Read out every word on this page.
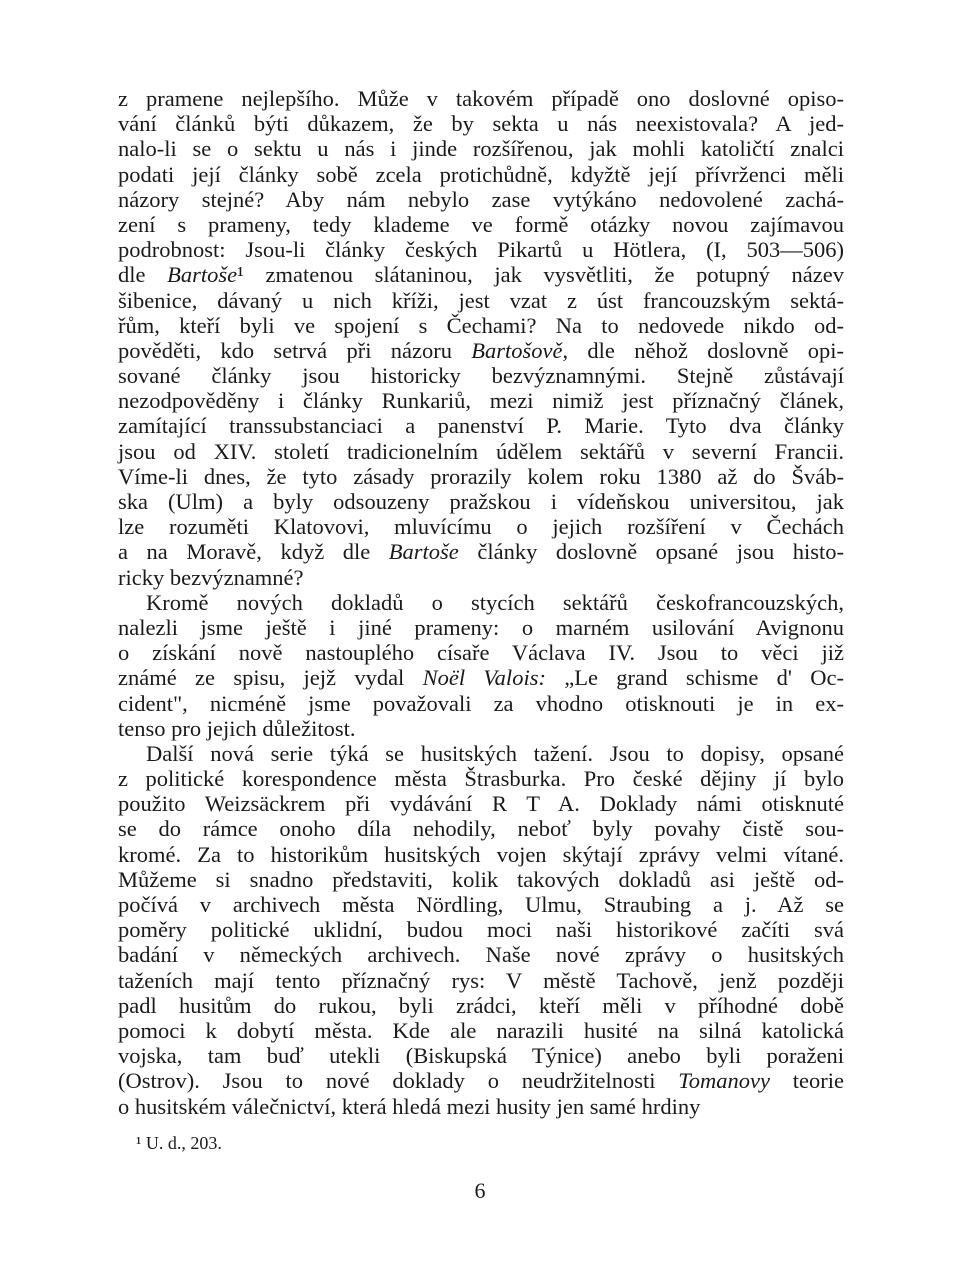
z pramene nejlepšího. Může v takovém případě ono doslovné opiso-
vání článků býti důkazem, že by sekta u nás neexistovala? A jed-
nalo-li se o sektu u nás i jinde rozšířenou, jak mohli katoličtí znalci
podati její články sobě zcela protichůdně, kdyžtě její přívrženci měli
názory stejné? Aby nám nebylo zase vytýkáno nedovolené zachá-
zení s prameny, tedy klademe ve formě otázky novou zajímavou
podrobnost: Jsou-li články českých Pikartů u Hötlera, (I, 503—506)
dle Bartoše¹ zmatenou slátaninou, jak vysvětliti, že potupný název
šibenice, dávaný u nich kříži, jest vzat z úst francouzským sektá-
řům, kteří byli ve spojení s Čechami? Na to nedovede nikdo od-
pověděti, kdo setrvá při názoru Bartošově, dle něhož doslovně opi-
sované články jsou historicky bezvýznamnými. Stejně zůstávají
nezodpověděny i články Runkariů, mezi nimiž jest příznačný článek,
zamítající transsubstanciaci a panenství P. Marie. Tyto dva články
jsou od XIV. století tradicionelním údělem sektářů v severní Francii.
Víme-li dnes, že tyto zásady prorazily kolem roku 1380 až do Šváb-
ska (Ulm) a byly odsouzeny pražskou i vídeňskou universitou, jak
lze rozuměti Klatovovi, mluvícímu o jejich rozšíření v Čechách
a na Moravě, když dle Bartoše články doslovně opsané jsou histo-
ricky bezvýznamné?
Kromě nových dokladů o stycích sektářů českofrancouzských,
nalezli jsme ještě i jiné prameny: o marném usilování Avignonu
o získání nově nastouplého císaře Václava IV. Jsou to věci již
známé ze spisu, jejž vydal Noël Valois: „Le grand schisme d' Oc-
cident", nicméně jsme považovali za vhodno otisknouti je in ex-
tenso pro jejich důležitost.
Další nová serie týká se husitských tažení. Jsou to dopisy, opsané
z politické korespondence města Štrasburka. Pro české dějiny jí bylo
použito Weizsäckrem při vydávání R T A. Doklady námi otisknuté
se do rámce onoho díla nehodily, neboť byly povahy čistě sou-
kromé. Za to historikům husitských vojen skýtají zprávy velmi vítané.
Můžeme si snadno představiti, kolik takových dokladů asi ještě od-
počívá v archivech města Nördling, Ulmu, Straubing a j. Až se
poměry politické uklidní, budou moci naši historikové začíti svá
badání v německých archivech. Naše nové zprávy o husitských
taženích mají tento příznačný rys: V městě Tachově, jenž později
padl husitům do rukou, byli zrádci, kteří měli v příhodné době
pomoci k dobytí města. Kde ale narazili husité na silná katolická
vojska, tam buď utekli (Biskupská Týnice) anebo byli poraženi
(Ostrov). Jsou to nové doklady o neudržitelnosti Tomanovy teorie
o husitském válečnictví, která hledá mezi husity jen samé hrdiny
¹ U. d., 203.
6
